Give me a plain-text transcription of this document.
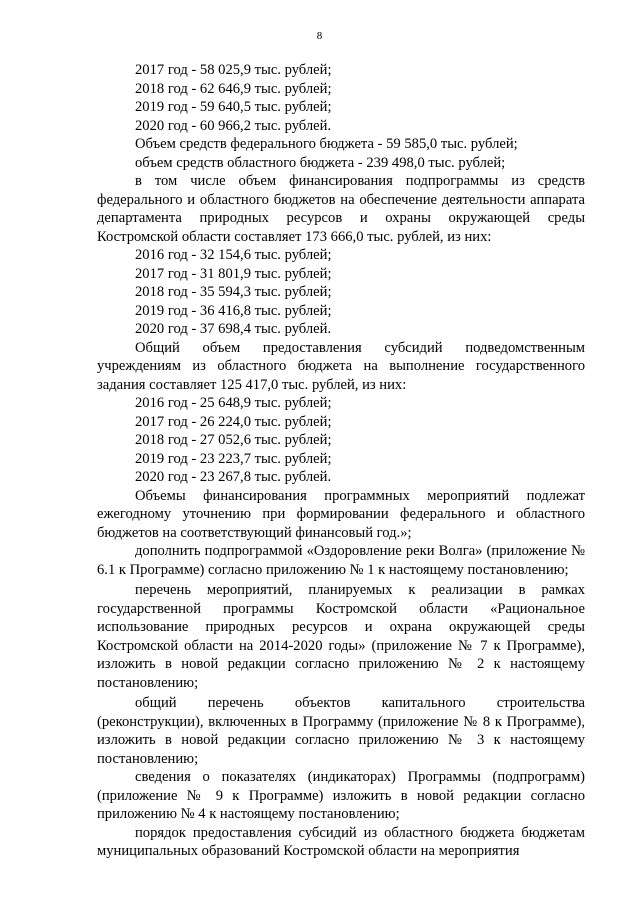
8

2017 год - 58 025,9 тыс. рублей;

2018 год - 62 646,9 тыс. рублей;

2019 год - 59 640,5 тыс. рублей;

2020 год - 60 966,2 тыс. рублей.

Объем средств федерального бюджета - 59 585,0 тыс. рублей;

объем средств областного бюджета - 239 498,0 тыс. рублей;

в том числе объем финансирования подпрограммы из средств федерального и областного бюджетов на обеспечение деятельности аппарата департамента природных ресурсов и охраны окружающей среды Костромской области составляет 173 666,0 тыс. рублей, из них:

2016 год - 32 154,6 тыс. рублей;

2017 год - 31 801,9 тыс. рублей;

2018 год - 35 594,3 тыс. рублей;

2019 год - 36 416,8 тыс. рублей;

2020 год - 37 698,4 тыс. рублей.

Общий объем предоставления субсидий подведомственным учреждениям из областного бюджета на выполнение государственного задания составляет 125 417,0 тыс. рублей, из них:

2016 год - 25 648,9 тыс. рублей;

2017 год - 26 224,0 тыс. рублей;

2018 год - 27 052,6 тыс. рублей;

2019 год - 23 223,7 тыс. рублей;

2020 год - 23 267,8 тыс. рублей.

Объемы финансирования программных мероприятий подлежат ежегодному уточнению при формировании федерального и областного бюджетов на соответствующий финансовый год.»;

дополнить подпрограммой «Оздоровление реки Волга» (приложение № 6.1 к Программе) согласно приложению № 1 к настоящему постановлению;

перечень мероприятий, планируемых к реализации в рамках государственной программы Костромской области «Рациональное использование природных ресурсов и охрана окружающей среды Костромской области на 2014-2020 годы» (приложение № 7 к Программе), изложить в новой редакции согласно приложению № 2 к настоящему постановлению;

общий перечень объектов капитального строительства (реконструкции), включенных в Программу (приложение № 8 к Программе), изложить в новой редакции согласно приложению № 3 к настоящему постановлению;

сведения о показателях (индикаторах) Программы (подпрограмм) (приложение № 9 к Программе) изложить в новой редакции согласно приложению № 4 к настоящему постановлению;

порядок предоставления субсидий из областного бюджета бюджетам муниципальных образований Костромской области на мероприятия
